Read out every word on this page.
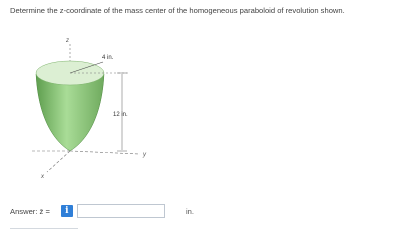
Determine the z-coordinate of the mass center of the homogeneous paraboloid of revolution shown.
z
4 in.
12 in.
y
x
Answer: z̄ =	i	in.
